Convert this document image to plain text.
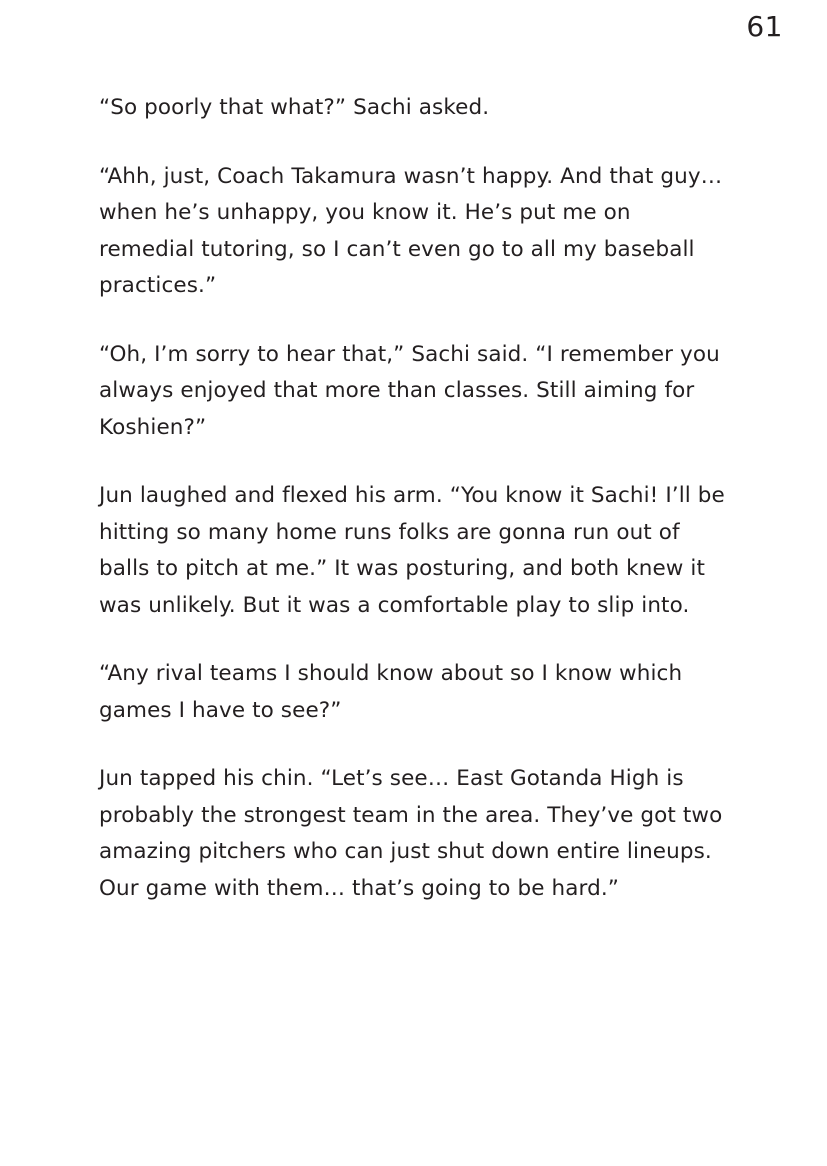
61

“So poorly that what?” Sachi asked.

“Ahh, just, Coach Takamura wasn’t happy. And that guy… when he’s unhappy, you know it. He’s put me on remedial tutoring, so I can’t even go to all my baseball practices.”

“Oh, I’m sorry to hear that,” Sachi said. “I remember you always enjoyed that more than classes. Still aiming for Koshien?”

Jun laughed and flexed his arm. “You know it Sachi! I’ll be hitting so many home runs folks are gonna run out of balls to pitch at me.” It was posturing, and both knew it was unlikely. But it was a comfortable play to slip into.

“Any rival teams I should know about so I know which games I have to see?”

Jun tapped his chin. “Let’s see… East Gotanda High is probably the strongest team in the area. They’ve got two amazing pitchers who can just shut down entire lineups. Our game with them… that’s going to be hard.”
